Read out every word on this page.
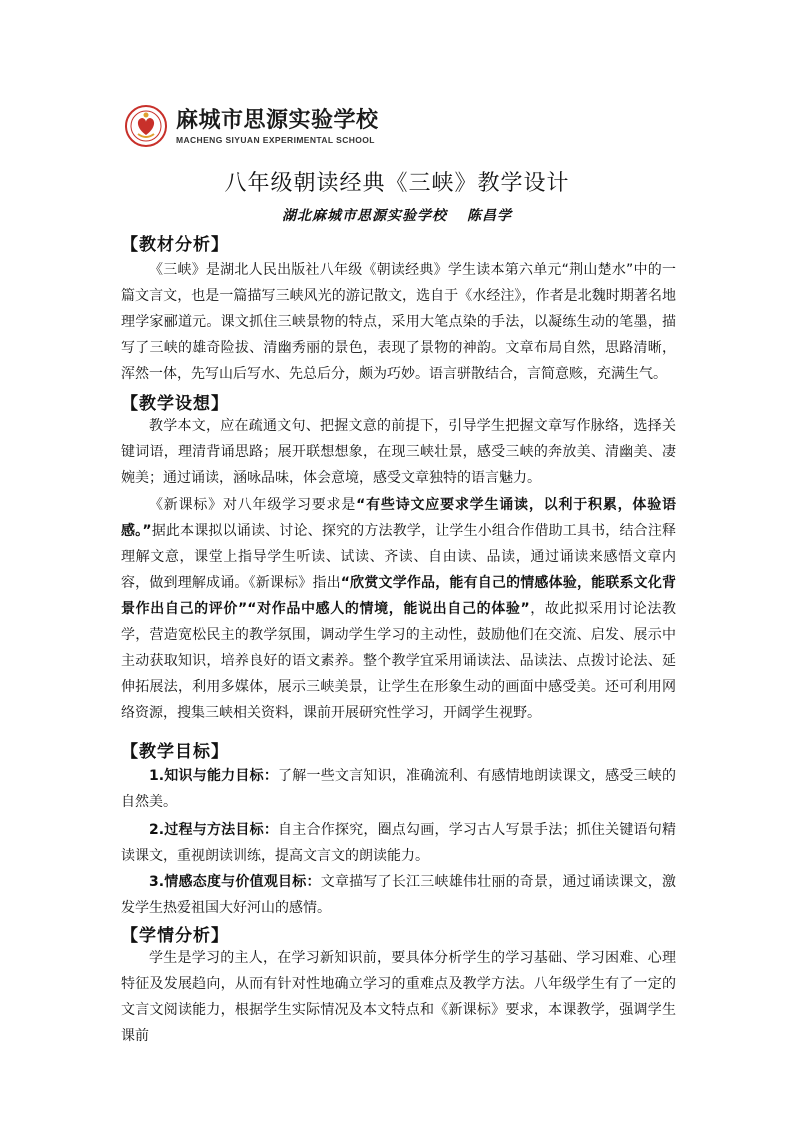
麻城市思源实验学校
MACHENG SIYUAN EXPERIMENTAL SCHOOL
八年级朝读经典《三峡》教学设计
湖北麻城市思源实验学校 陈昌学
【教材分析】
《三峡》是湖北人民出版社八年级《朝读经典》学生读本第六单元“荆山楚水”中的一篇文言文，也是一篇描写三峡风光的游记散文，选自于《水经注》，作者是北魏时期著名地理学家郦道元。课文抓住三峡景物的特点，采用大笔点染的手法，以凝练生动的笔墨，描写了三峡的雄奇险拔、清幽秀丽的景色，表现了景物的神韵。文章布局自然，思路清晰，浑然一体，先写山后写水、先总后分，颇为巧妙。语言骈散结合，言简意赅，充满生气。
【教学设想】
教学本文，应在疏通文句、把握文意的前提下，引导学生把握文章写作脉络，选择关键词语，理清背诵思路；展开联想想象，在现三峡壮景，感受三峡的奔放美、清幽美、凄婉美；通过诵读，涵咏品味，体会意境，感受文章独特的语言魅力。
《新课标》对八年级学习要求是“有些诗文应要求学生诵读，以利于积累，体验语感。”据此本课拟以诵读、讨论、探究的方法教学，让学生小组合作借助工具书，结合注释理解文意，课堂上指导学生听读、试读、齐读、自由读、品读，通过诵读来感悟文章内容，做到理解成诵。《新课标》指出“欣赏文学作品，能有自己的情感体验，能联系文化背景作出自己的评价”“对作品中感人的情境，能说出自己的体验”，故此拟采用讨论法教学，营造宽松民主的教学氛围，调动学生学习的主动性，鼓励他们在交流、启发、展示中主动获取知识，培养良好的语文素养。整个教学宜采用诵读法、品读法、点拨讨论法、延伸拓展法，利用多媒体，展示三峡美景，让学生在形象生动的画面中感受美。还可利用网络资源，搜集三峡相关资料，课前开展研究性学习，开阔学生视野。
【教学目标】
1.知识与能力目标：了解一些文言知识，准确流利、有感情地朗读课文，感受三峡的自然美。
2.过程与方法目标：自主合作探究，圈点勾画，学习古人写景手法；抓住关键语句精读课文，重视朗读训练，提高文言文的朗读能力。
3.情感态度与价值观目标：文章描写了长江三峡雄伟壮丽的奇景，通过诵读课文，激发学生热爱祖国大好河山的感情。
【学情分析】
学生是学习的主人，在学习新知识前，要具体分析学生的学习基础、学习困难、心理特征及发展趋向，从而有针对性地确立学习的重难点及教学方法。八年级学生有了一定的文言文阅读能力，根据学生实际情况及本文特点和《新课标》要求，本课教学，强调学生课前
